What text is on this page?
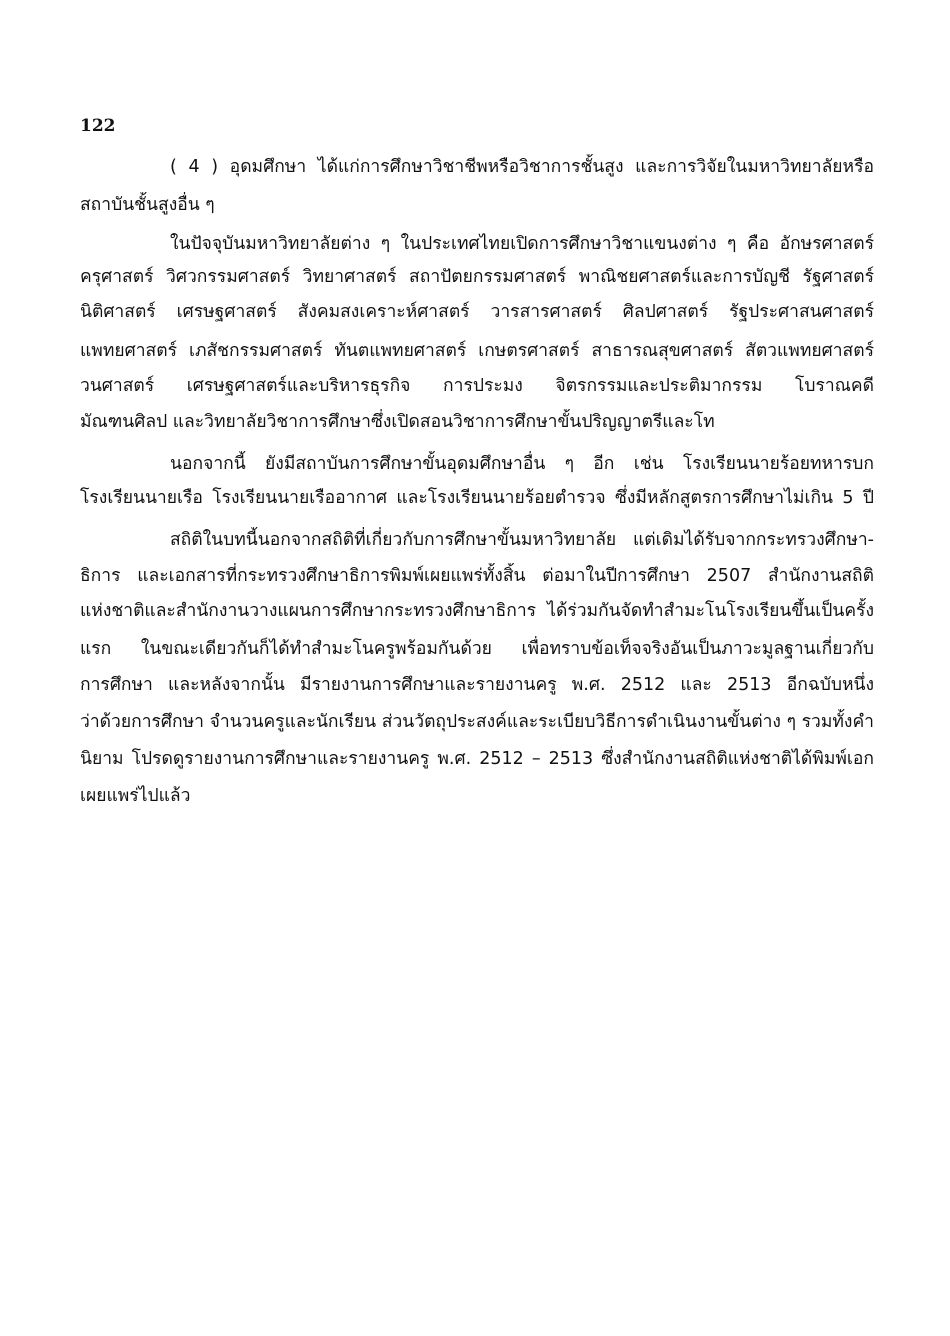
122
( 4 ) อุดมศึกษา ได้แก่การศึกษาวิชาชีพหรือวิชาการชั้นสูง และการวิจัยในมหาวิทยาลัยหรือ
สถาบันชั้นสูงอื่น ๆ
ในปัจจุบันมหาวิทยาลัยต่าง ๆ ในประเทศไทยเปิดการศึกษาวิชาแขนงต่าง ๆ คือ อักษรศาสตร์
ครุศาสตร์ วิศวกรรมศาสตร์ วิทยาศาสตร์ สถาปัตยกรรมศาสตร์ พาณิชยศาสตร์และการบัญชี รัฐศาสตร์
นิติศาสตร์ เศรษฐศาสตร์ สังคมสงเคราะห์ศาสตร์ วารสารศาสตร์ ศิลปศาสตร์ รัฐประศาสนศาสตร์
แพทยศาสตร์ เภสัชกรรมศาสตร์ ทันตแพทยศาสตร์ เกษตรศาสตร์ สาธารณสุขศาสตร์ สัตวแพทยศาสตร์
วนศาสตร์ เศรษฐศาสตร์และบริหารธุรกิจ การประมง จิตรกรรมและประติมากรรม โบราณคดี
มัณฑนศิลป และวิทยาลัยวิชาการศึกษาซึ่งเปิดสอนวิชาการศึกษาขั้นปริญญาตรีและโท
นอกจากนี้ ยังมีสถาบันการศึกษาขั้นอุดมศึกษาอื่น ๆ อีก เช่น โรงเรียนนายร้อยทหารบก
โรงเรียนนายเรือ โรงเรียนนายเรืออากาศ และโรงเรียนนายร้อยตำรวจ ซึ่งมีหลักสูตรการศึกษาไม่เกิน 5 ปี
สถิติในบทนี้นอกจากสถิติที่เกี่ยวกับการศึกษาขั้นมหาวิทยาลัย แต่เดิมได้รับจากกระทรวงศึกษา-
ธิการ และเอกสารที่กระทรวงศึกษาธิการพิมพ์เผยแพร่ทั้งสิ้น ต่อมาในปีการศึกษา 2507 สำนักงานสถิติ
แห่งชาติและสำนักงานวางแผนการศึกษากระทรวงศึกษาธิการ ได้ร่วมกันจัดทำสำมะโนโรงเรียนขึ้นเป็นครั้ง
แรก ในขณะเดียวกันก็ได้ทำสำมะโนครูพร้อมกันด้วย เพื่อทราบข้อเท็จจริงอันเป็นภาวะมูลฐานเกี่ยวกับ
การศึกษา และหลังจากนั้น มีรายงานการศึกษาและรายงานครู พ.ศ. 2512 และ 2513 อีกฉบับหนึ่ง
ว่าด้วยการศึกษา จำนวนครูและนักเรียน ส่วนวัตถุประสงค์และระเบียบวิธีการดำเนินงานขั้นต่าง ๆ รวมทั้งคำ
นิยาม โปรดดูรายงานการศึกษาและรายงานครู พ.ศ. 2512 – 2513 ซึ่งสำนักงานสถิติแห่งชาติได้พิมพ์เอก
เผยแพร่ไปแล้ว
